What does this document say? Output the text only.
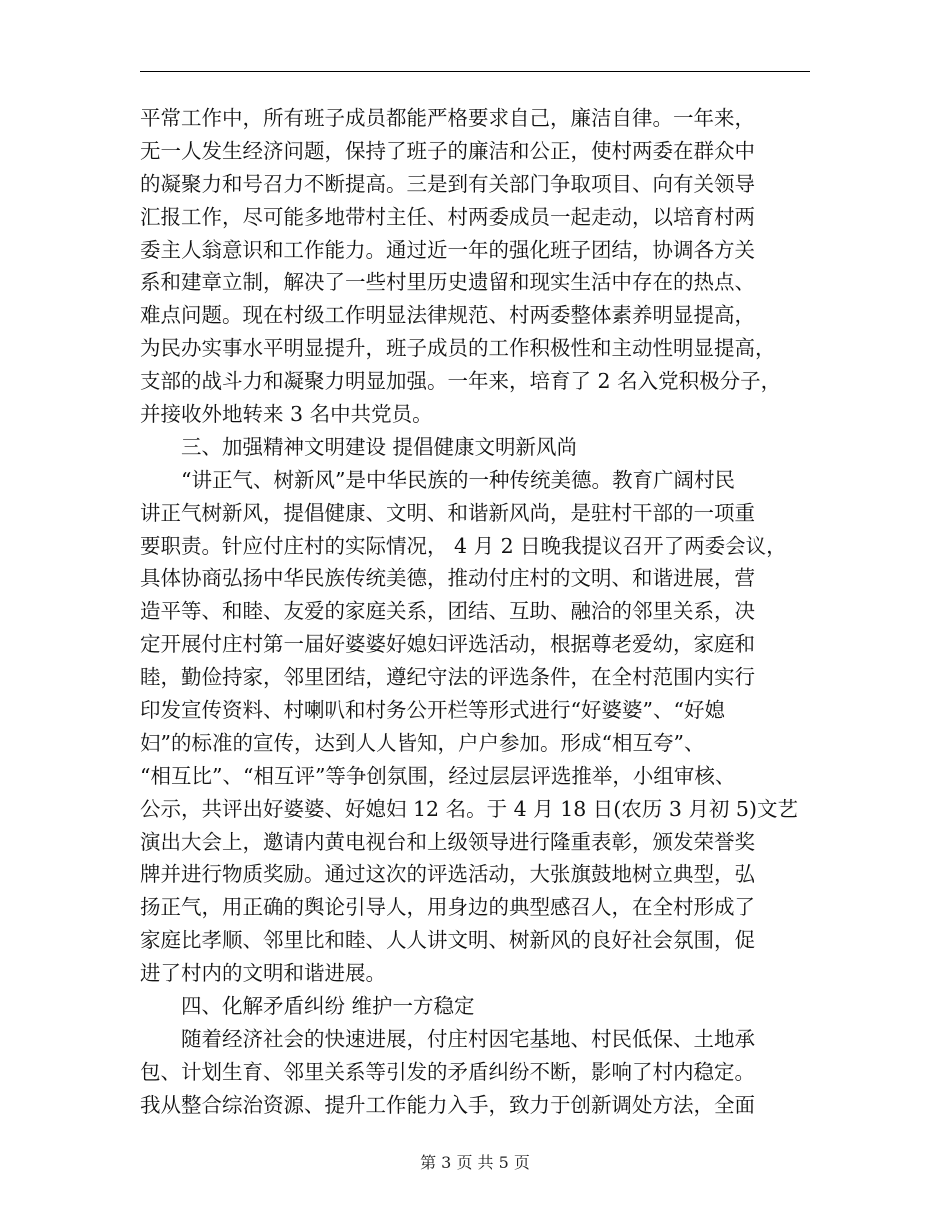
平常工作中，所有班子成员都能严格要求自己，廉洁自律。一年来，
无一人发生经济问题，保持了班子的廉洁和公正，使村两委在群众中
的凝聚力和号召力不断提高。三是到有关部门争取项目、向有关领导
汇报工作，尽可能多地带村主任、村两委成员一起走动，以培育村两
委主人翁意识和工作能力。通过近一年的强化班子团结，协调各方关
系和建章立制，解决了一些村里历史遗留和现实生活中存在的热点、
难点问题。现在村级工作明显法律规范、村两委整体素养明显提高，
为民办实事水平明显提升，班子成员的工作积极性和主动性明显提高，
支部的战斗力和凝聚力明显加强。一年来，培育了 2 名入党积极分子，
并接收外地转来 3 名中共党员。
三、加强精神文明建设 提倡健康文明新风尚
“讲正气、树新风”是中华民族的一种传统美德。教育广阔村民
讲正气树新风，提倡健康、文明、和谐新风尚，是驻村干部的一项重
要职责。针应付庄村的实际情况， 4 月 2 日晚我提议召开了两委会议，
具体协商弘扬中华民族传统美德，推动付庄村的文明、和谐进展，营
造平等、和睦、友爱的家庭关系，团结、互助、融洽的邻里关系，决
定开展付庄村第一届好婆婆好媳妇评选活动，根据尊老爱幼，家庭和
睦，勤俭持家，邻里团结，遵纪守法的评选条件，在全村范围内实行
印发宣传资料、村喇叭和村务公开栏等形式进行“好婆婆”、“好媳
妇”的标准的宣传，达到人人皆知，户户参加。形成“相互夸”、
“相互比”、“相互评”等争创氛围，经过层层评选推举，小组审核、
公示，共评出好婆婆、好媳妇 12 名。于 4 月 18 日(农历 3 月初 5)文艺
演出大会上，邀请内黄电视台和上级领导进行隆重表彰，颁发荣誉奖
牌并进行物质奖励。通过这次的评选活动，大张旗鼓地树立典型，弘
扬正气，用正确的舆论引导人，用身边的典型感召人，在全村形成了
家庭比孝顺、邻里比和睦、人人讲文明、树新风的良好社会氛围，促
进了村内的文明和谐进展。
四、化解矛盾纠纷 维护一方稳定
随着经济社会的快速进展，付庄村因宅基地、村民低保、土地承
包、计划生育、邻里关系等引发的矛盾纠纷不断，影响了村内稳定。
我从整合综治资源、提升工作能力入手，致力于创新调处方法，全面
第 3 页 共 5 页
